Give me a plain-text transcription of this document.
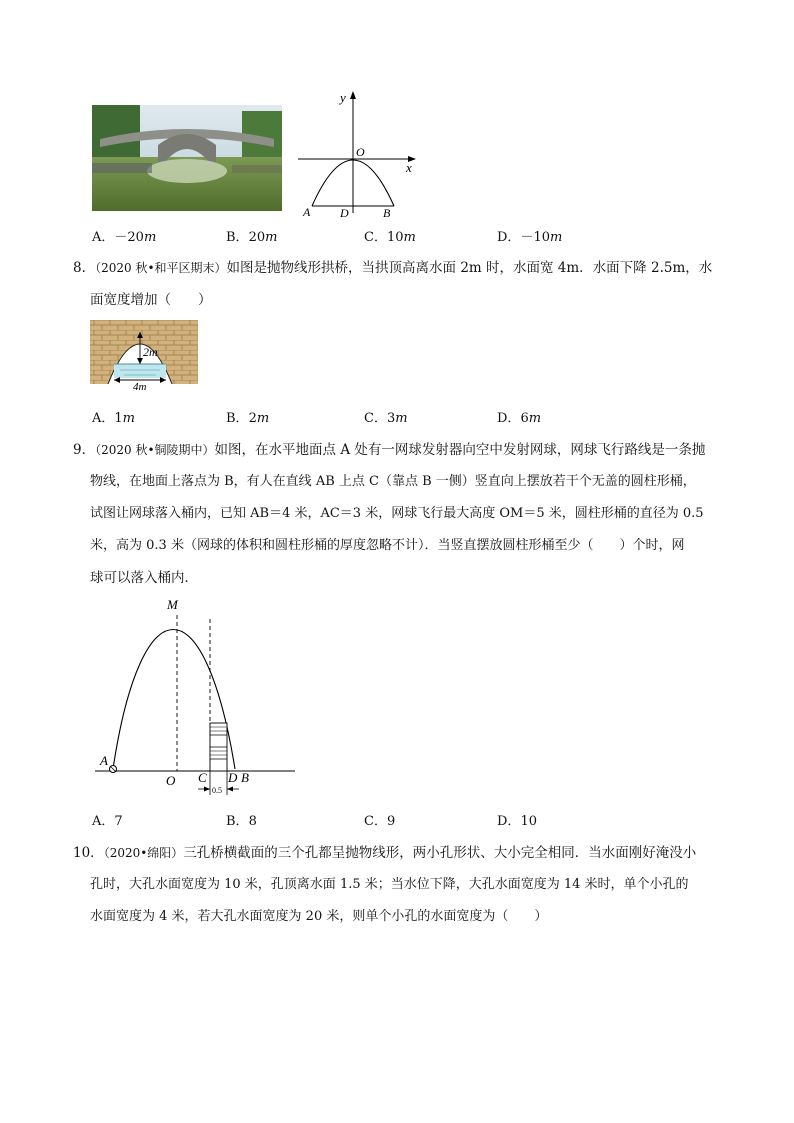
y
x
O
A D	B
A．－20m	B．20m	C．10m	D．－10m
8．（2020 秋•和平区期末）如图是抛物线形拱桥，当拱顶高离水面 2m 时，水面宽 4m．水面下降 2.5m，水
面宽度增加（　　）
2m
4m
A．1m	B．2m	C．3m	D．6m
9．（2020 秋•铜陵期中）如图，在水平地面点 A 处有一网球发射器向空中发射网球，网球飞行路线是一条抛
物线，在地面上落点为 B，有人在直线 AB 上点 C（靠点 B 一侧）竖直向上摆放若干个无盖的圆柱形桶，
试图让网球落入桶内，已知 AB＝4 米，AC＝3 米，网球飞行最大高度 OM＝5 米，圆柱形桶的直径为 0.5
米，高为 0.3 米（网球的体积和圆柱形桶的厚度忽略不计）．当竖直摆放圆柱形桶至少（　　）个时，网
球可以落入桶内．
M
A
O C D B
0.5
A．7	B．8	C．9	D．10
10．（2020•绵阳）三孔桥横截面的三个孔都呈抛物线形，两小孔形状、大小完全相同．当水面刚好淹没小
孔时，大孔水面宽度为 10 米，孔顶离水面 1.5 米；当水位下降，大孔水面宽度为 14 米时，单个小孔的
水面宽度为 4 米，若大孔水面宽度为 20 米，则单个小孔的水面宽度为（　　）
